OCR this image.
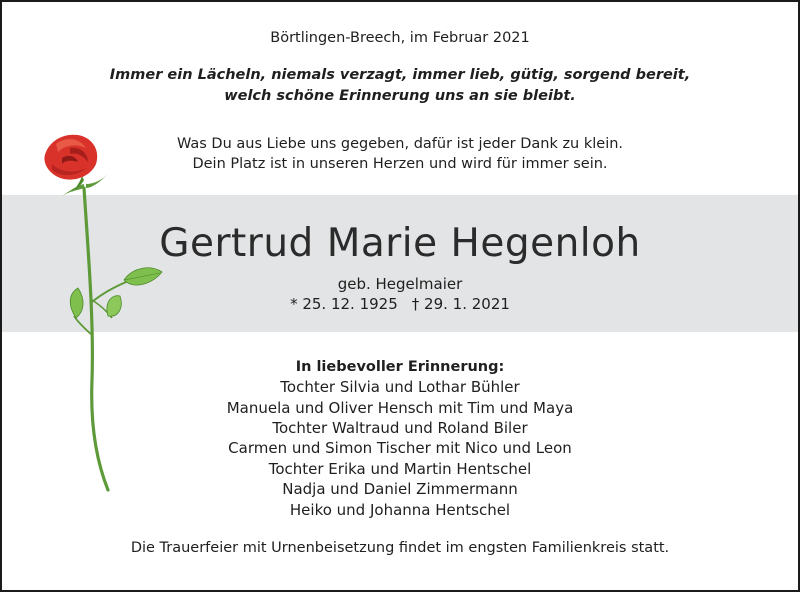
Börtlingen-Breech, im Februar 2021
Immer ein Lächeln, niemals verzagt, immer lieb, gütig, sorgend bereit,
welch schöne Erinnerung uns an sie bleibt.
Was Du aus Liebe uns gegeben, dafür ist jeder Dank zu klein.
Dein Platz ist in unseren Herzen und wird für immer sein.
Gertrud Marie Hegenloh
geb. Hegelmaier
* 25. 12. 1925 † 29. 1. 2021
In liebevoller Erinnerung:
Tochter Silvia und Lothar Bühler
Manuela und Oliver Hensch mit Tim und Maya
Tochter Waltraud und Roland Biler
Carmen und Simon Tischer mit Nico und Leon
Tochter Erika und Martin Hentschel
Nadja und Daniel Zimmermann
Heiko und Johanna Hentschel
Die Trauerfeier mit Urnenbeisetzung findet im engsten Familienkreis statt.
